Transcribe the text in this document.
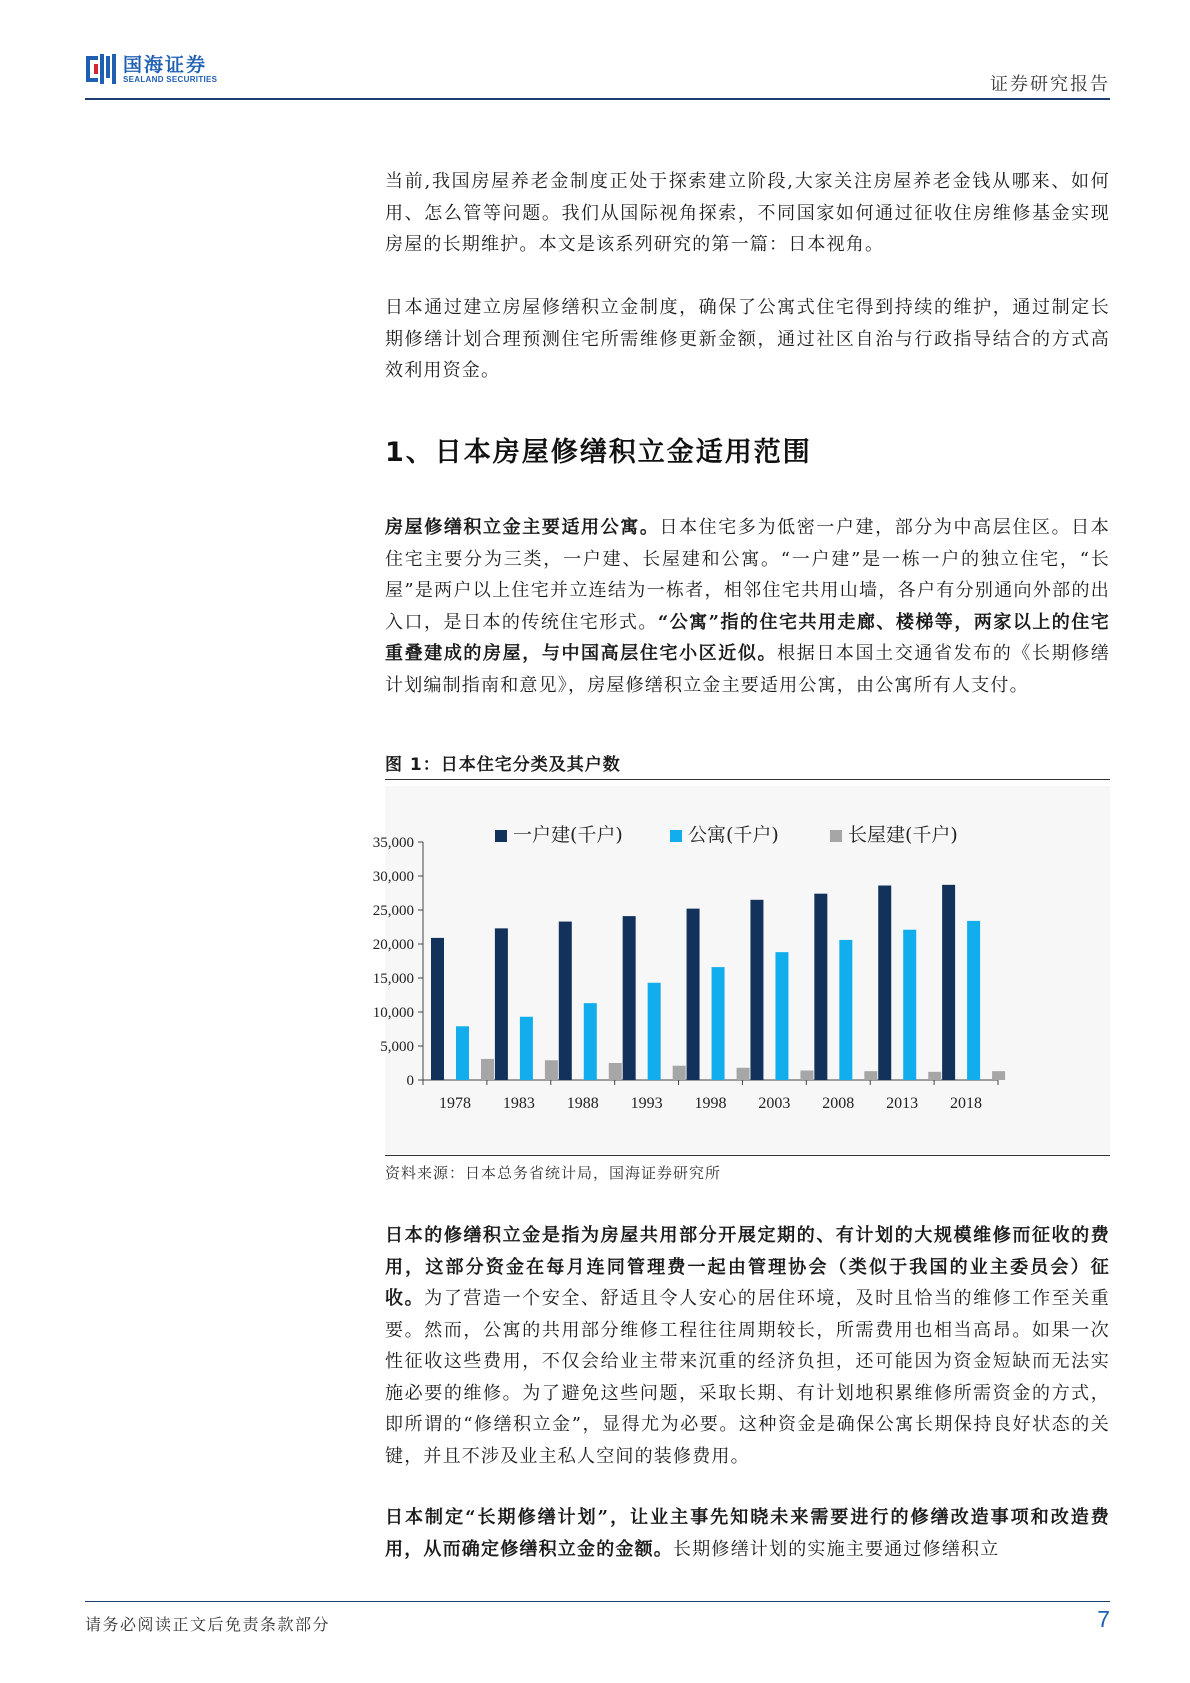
国海证券
SEALAND SECURITIES	证券研究报告
当前,我国房屋养老金制度正处于探索建立阶段,大家关注房屋养老金钱从哪来、如何用、怎么管等问题。我们从国际视角探索，不同国家如何通过征收住房维修基金实现房屋的长期维护。本文是该系列研究的第一篇：日本视角。
日本通过建立房屋修缮积立金制度，确保了公寓式住宅得到持续的维护，通过制定长期修缮计划合理预测住宅所需维修更新金额，通过社区自治与行政指导结合的方式高效利用资金。
1、日本房屋修缮积立金适用范围
房屋修缮积立金主要适用公寓。日本住宅多为低密一户建，部分为中高层住区。日本住宅主要分为三类，一户建、长屋建和公寓。“一户建”是一栋一户的独立住宅，“长屋”是两户以上住宅并立连结为一栋者，相邻住宅共用山墙，各户有分别通向外部的出入口，是日本的传统住宅形式。“公寓”指的住宅共用走廊、楼梯等，两家以上的住宅重叠建成的房屋，与中国高层住宅小区近似。根据日本国土交通省发布的《长期修缮计划编制指南和意见》，房屋修缮积立金主要适用公寓，由公寓所有人支付。
图 1：日本住宅分类及其户数
0
5,000
10,000
15,000
20,000
25,000
30,000
35,000
1978 1983 1988 1993 1998 2003 2008 2013 2018
一户建(千户)	公寓(千户)	长屋建(千户)
资料来源：日本总务省统计局，国海证券研究所
日本的修缮积立金是指为房屋共用部分开展定期的、有计划的大规模维修而征收的费用，这部分资金在每月连同管理费一起由管理协会（类似于我国的业主委员会）征收。为了营造一个安全、舒适且令人安心的居住环境，及时且恰当的维修工作至关重要。然而，公寓的共用部分维修工程往往周期较长，所需费用也相当高昂。如果一次性征收这些费用，不仅会给业主带来沉重的经济负担，还可能因为资金短缺而无法实施必要的维修。为了避免这些问题，采取长期、有计划地积累维修所需资金的方式，即所谓的“修缮积立金”，显得尤为必要。这种资金是确保公寓长期保持良好状态的关键，并且不涉及业主私人空间的装修费用。
日本制定“长期修缮计划”，让业主事先知晓未来需要进行的修缮改造事项和改造费用，从而确定修缮积立金的金额。长期修缮计划的实施主要通过修缮积立
请务必阅读正文后免责条款部分	7
